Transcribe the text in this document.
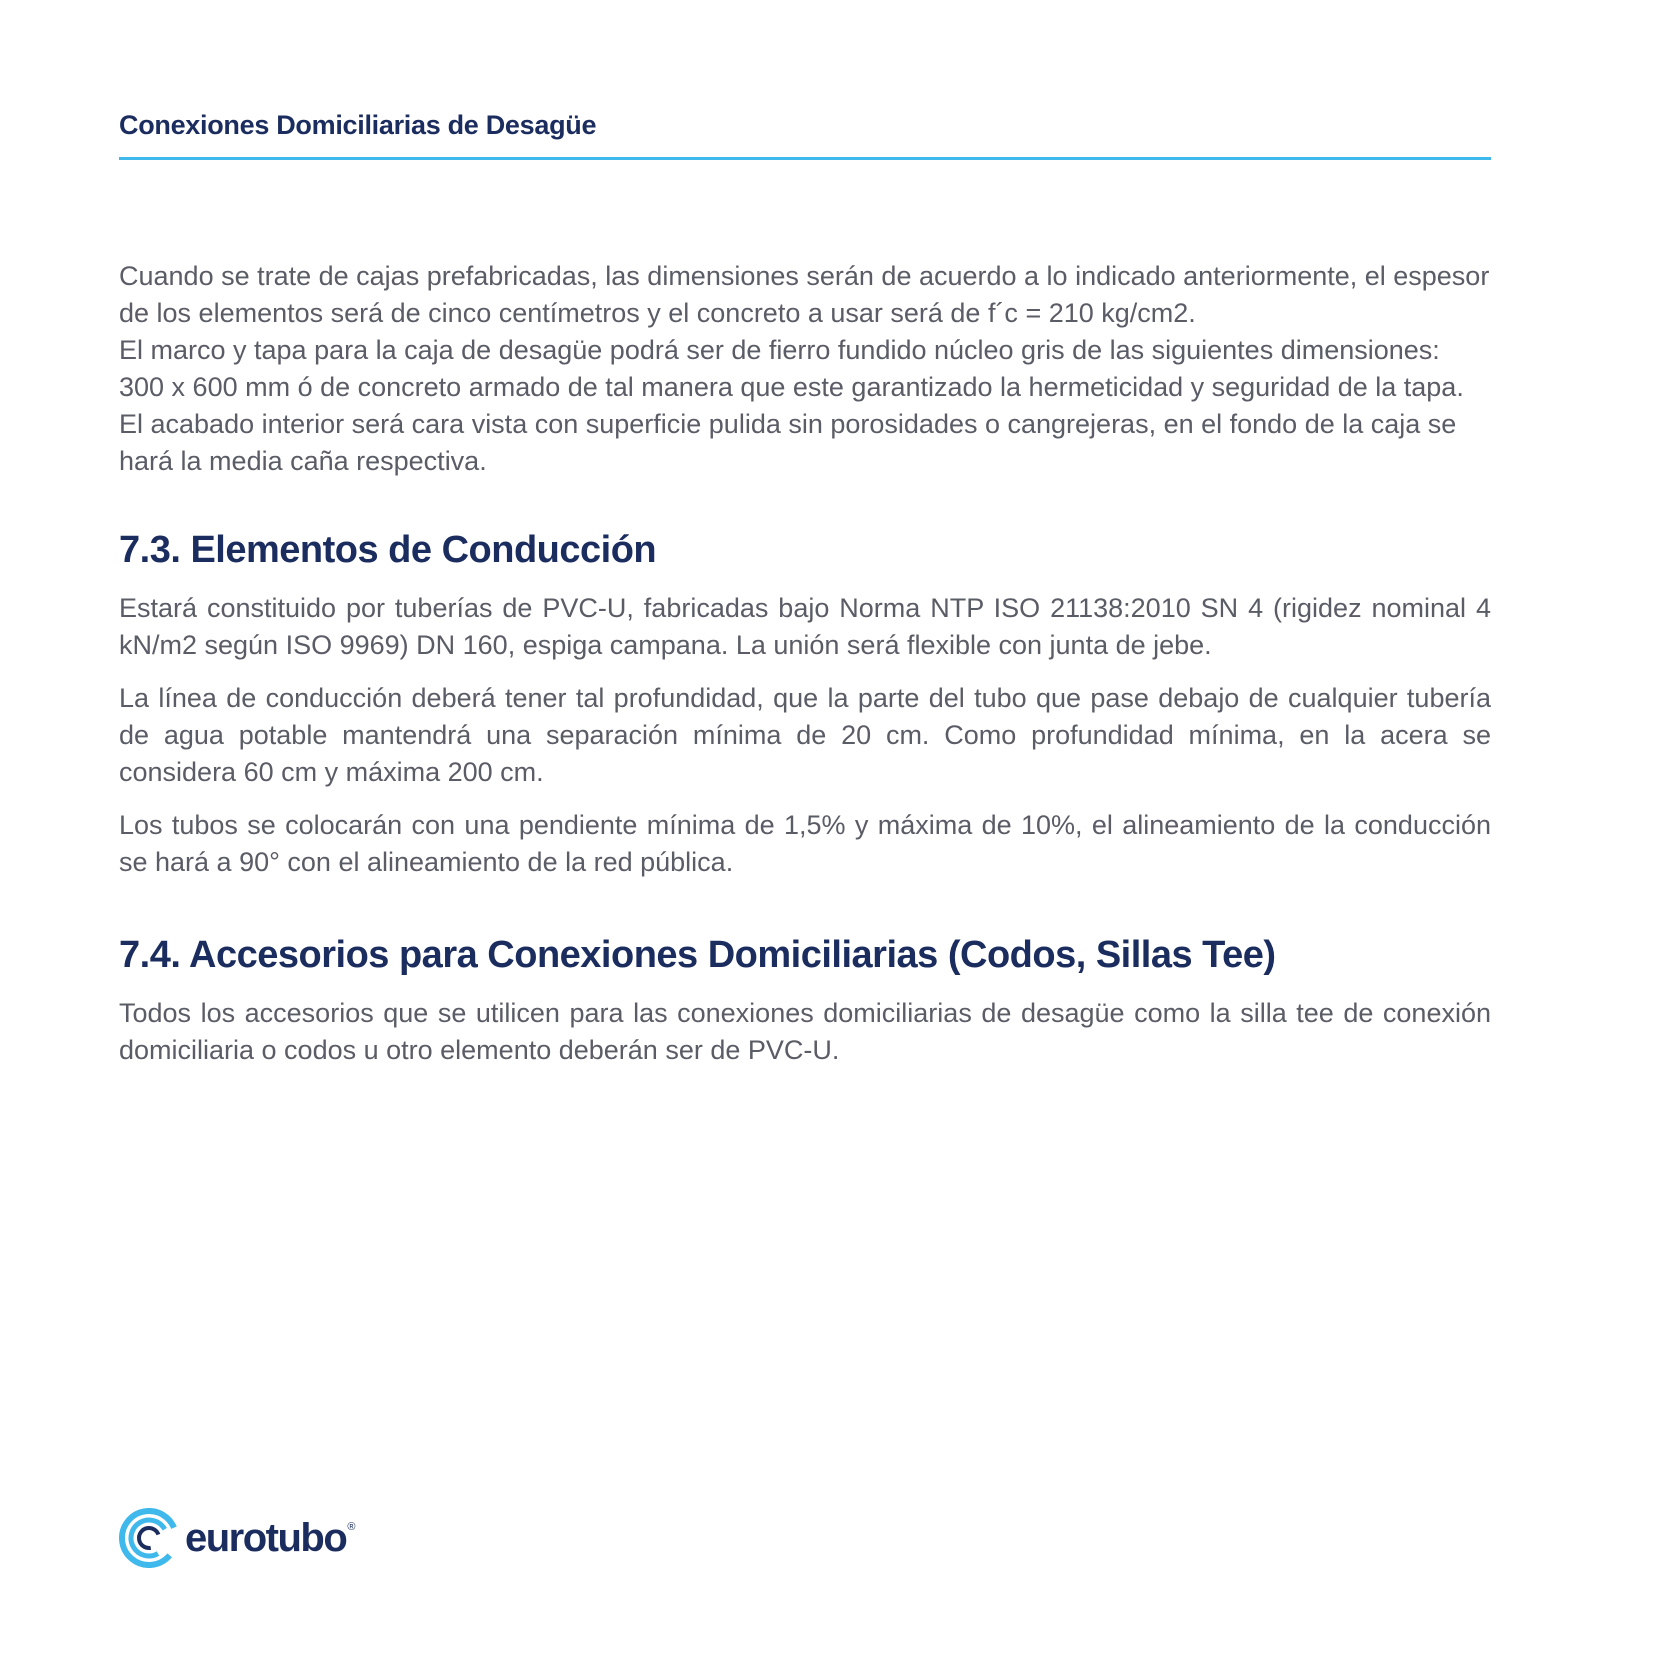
Conexiones Domiciliarias de Desagüe

Cuando se trate de cajas prefabricadas, las dimensiones serán de acuerdo a lo indicado anteriormente, el espesor de los elementos será de cinco centímetros y el concreto a usar será de f´c = 210 kg/cm2.
El marco y tapa para la caja de desagüe podrá ser de fierro fundido núcleo gris de las siguientes dimensiones: 300 x 600 mm ó de concreto armado de tal manera que este garantizado la hermeticidad y seguridad de la tapa.
El acabado interior será cara vista con superficie pulida sin porosidades o cangrejeras, en el fondo de la caja se hará la media caña respectiva.

7.3. Elementos de Conducción

Estará constituido por tuberías de PVC-U, fabricadas bajo Norma NTP ISO 21138:2010 SN 4 (rigidez nominal 4 kN/m2 según ISO 9969) DN 160, espiga campana. La unión será flexible con junta de jebe.

La línea de conducción deberá tener tal profundidad, que la parte del tubo que pase debajo de cualquier tubería de agua potable mantendrá una separación mínima de 20 cm. Como profundidad mínima, en la acera se considera 60 cm y máxima 200 cm.

Los tubos se colocarán con una pendiente mínima de 1,5% y máxima de 10%, el alineamiento de la conducción se hará a 90° con el alineamiento de la red pública.

7.4. Accesorios para Conexiones Domiciliarias (Codos, Sillas Tee)

Todos los accesorios que se utilicen para las conexiones domiciliarias de desagüe como la silla tee de conexión domiciliaria o codos u otro elemento deberán ser de PVC-U.

eurotubo ®
